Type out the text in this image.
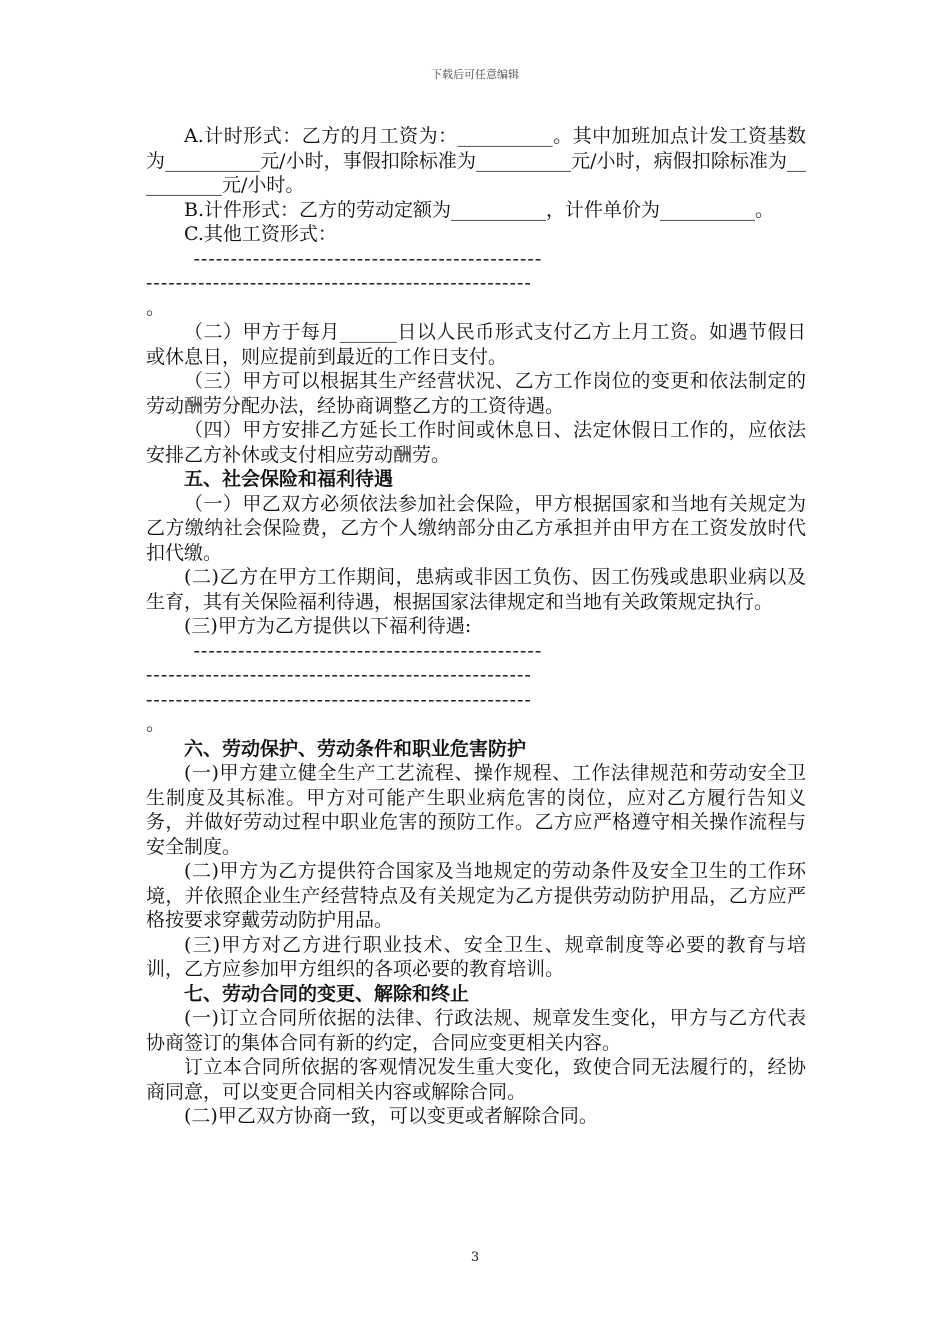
下载后可任意编辑

A.计时形式：乙方的月工资为：__________。其中加班加点计发工资基数为__________元/小时，事假扣除标准为__________元/小时，病假扣除标准为__________元/小时。

B.计件形式：乙方的劳动定额为__________，计件单价为__________。

C.其他工资形式：

-----------------------------------------------

----------------------------------------------------

。

（二）甲方于每月______日以人民币形式支付乙方上月工资。如遇节假日或休息日，则应提前到最近的工作日支付。

（三）甲方可以根据其生产经营状况、乙方工作岗位的变更和依法制定的劳动酬劳分配办法，经协商调整乙方的工资待遇。

（四）甲方安排乙方延长工作时间或休息日、法定休假日工作的，应依法安排乙方补休或支付相应劳动酬劳。

五、社会保险和福利待遇

（一）甲乙双方必须依法参加社会保险，甲方根据国家和当地有关规定为乙方缴纳社会保险费，乙方个人缴纳部分由乙方承担并由甲方在工资发放时代扣代缴。

(二)乙方在甲方工作期间，患病或非因工负伤、因工伤残或患职业病以及生育，其有关保险福利待遇，根据国家法律规定和当地有关政策规定执行。

(三)甲方为乙方提供以下福利待遇:

-----------------------------------------------

----------------------------------------------------

----------------------------------------------------

。

六、劳动保护、劳动条件和职业危害防护

(一)甲方建立健全生产工艺流程、操作规程、工作法律规范和劳动安全卫生制度及其标准。甲方对可能产生职业病危害的岗位，应对乙方履行告知义务，并做好劳动过程中职业危害的预防工作。乙方应严格遵守相关操作流程与安全制度。

(二)甲方为乙方提供符合国家及当地规定的劳动条件及安全卫生的工作环境，并依照企业生产经营特点及有关规定为乙方提供劳动防护用品，乙方应严格按要求穿戴劳动防护用品。

(三)甲方对乙方进行职业技术、安全卫生、规章制度等必要的教育与培训，乙方应参加甲方组织的各项必要的教育培训。

七、劳动合同的变更、解除和终止

(一)订立合同所依据的法律、行政法规、规章发生变化，甲方与乙方代表协商签订的集体合同有新的约定，合同应变更相关内容。

订立本合同所依据的客观情况发生重大变化，致使合同无法履行的，经协商同意，可以变更合同相关内容或解除合同。

(二)甲乙双方协商一致，可以变更或者解除合同。

3
